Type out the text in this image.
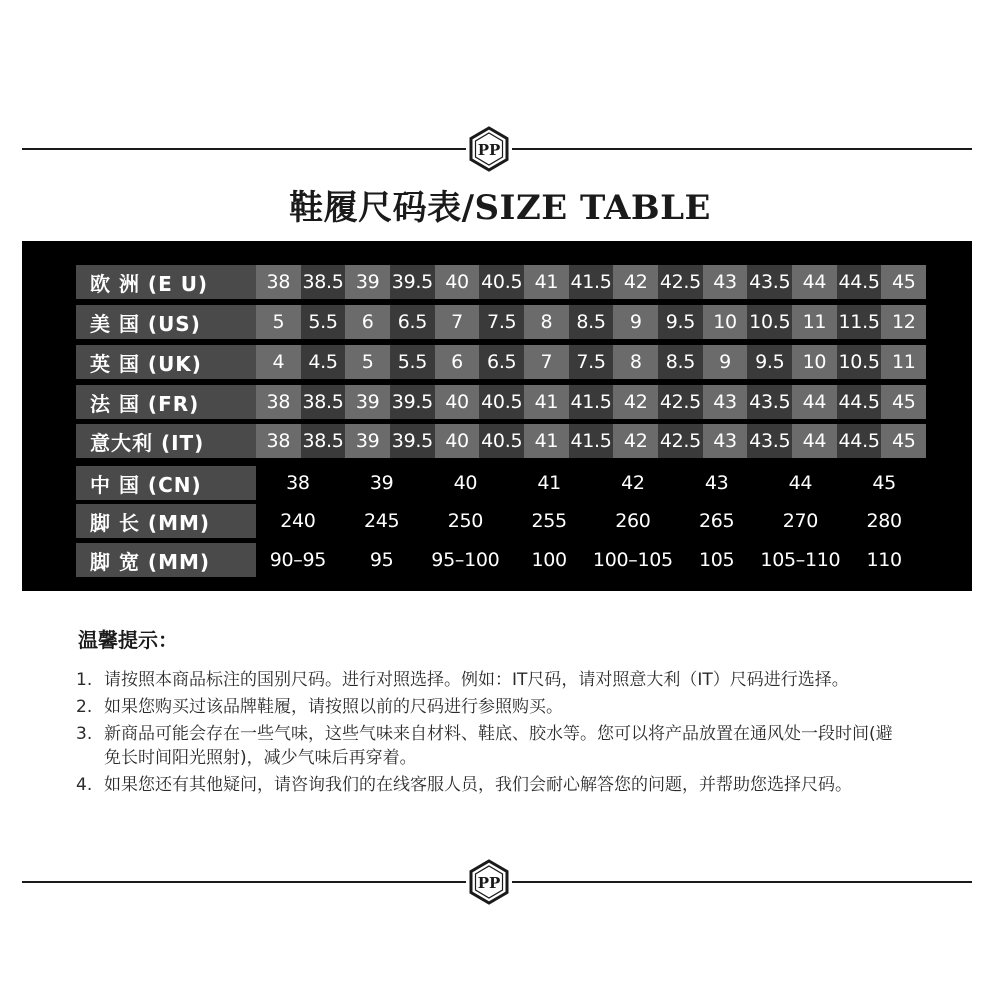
PP
鞋履尺码表/SIZE TABLE
欧 洲 (E U)	38 38.5 39 39.5 40 40.5 41 41.5 42 42.5 43 43.5 44 44.5 45
美 国 (US)	5	5.5	6	6.5	7	7.5	8	8.5	9	9.5 10 10.5 11 11.5 12
英 国 (UK)	4	4.5	5	5.5	6	6.5	7	7.5	8	8.5	9	9.5 10 10.5 11
法 国 (FR)	38 38.5 39 39.5 40 40.5 41 41.5 42 42.5 43 43.5 44 44.5 45
意大利 (IT)	38 38.5 39 39.5 40 40.5 41 41.5 42 42.5 43 43.5 44 44.5 45
中 国 (CN)	38	39	40	41	42	43	44	45
脚 长 (MM)	240	245	250	255	260	265	270	280
脚 宽 (MM)	90–95	95	95–100	100	100–105	105	105–110	110
温馨提示：
1. 请按照本商品标注的国别尺码。进行对照选择。例如：IT尺码，请对照意大利（IT）尺码进行选择。
2. 如果您购买过该品牌鞋履，请按照以前的尺码进行参照购买。
3. 新商品可能会存在一些气味，这些气味来自材料、鞋底、胶水等。您可以将产品放置在通风处一段时间(避免长时间阳光照射)，减少气味后再穿着。
4. 如果您还有其他疑问，请咨询我们的在线客服人员，我们会耐心解答您的问题，并帮助您选择尺码。
PP
